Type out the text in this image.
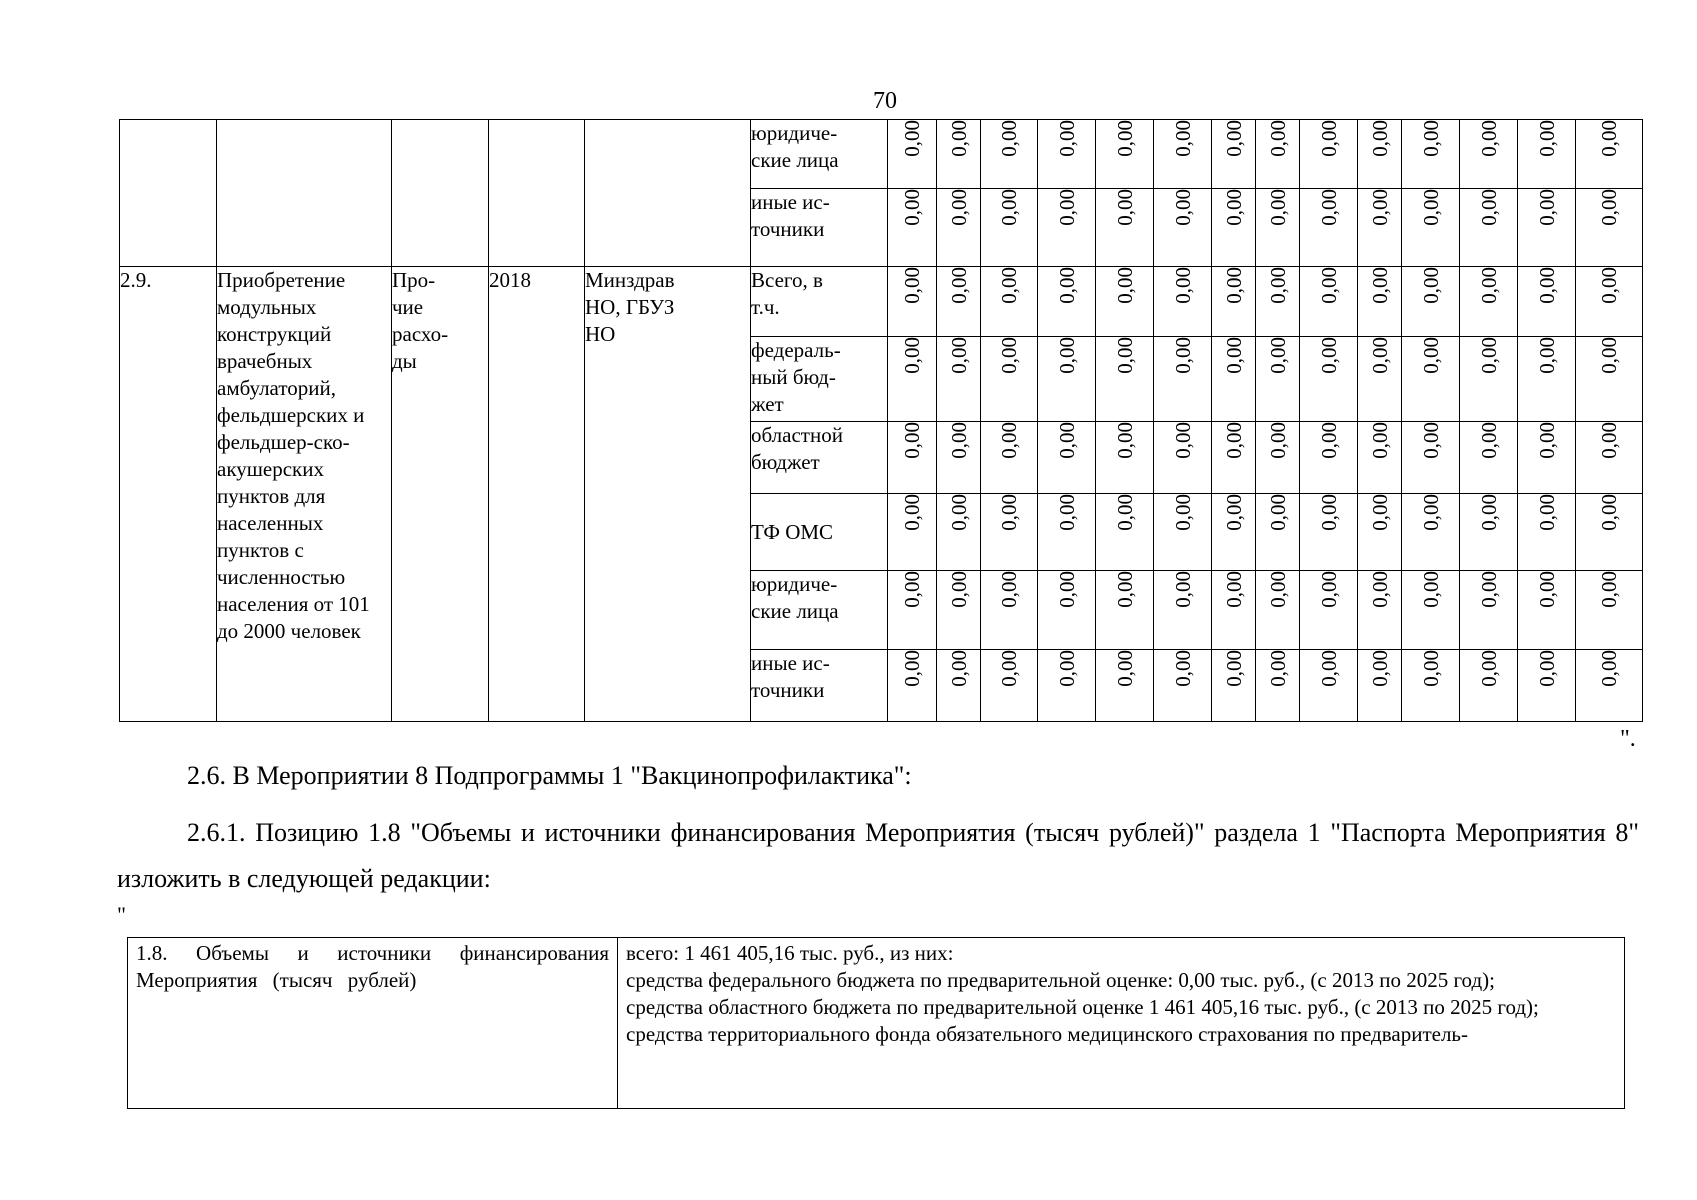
70
					юридиче-
ские лица	0,00	0,00	0,00	0,00	0,00	0,00	0,00	0,00	0,00	0,00	0,00	0,00	0,00	0,00
					иные ис-
точники	0,00	0,00	0,00	0,00	0,00	0,00	0,00	0,00	0,00	0,00	0,00	0,00	0,00	0,00
2.9.	Приобретение модульных конструкций врачебных амбулаторий, фельдшерских и фельдшер-ско-акушерских пунктов для населенных пунктов с численностью населения от 101 до 2000 человек	Про-
чие
расхо-
ды	2018	Минздрав
НО, ГБУЗ
НО	Всего, в
т.ч.	0,00	0,00	0,00	0,00	0,00	0,00	0,00	0,00	0,00	0,00	0,00	0,00	0,00	0,00
					федераль-
ный бюд-
жет	0,00	0,00	0,00	0,00	0,00	0,00	0,00	0,00	0,00	0,00	0,00	0,00	0,00	0,00
					областной
бюджет	0,00	0,00	0,00	0,00	0,00	0,00	0,00	0,00	0,00	0,00	0,00	0,00	0,00	0,00
					ТФ ОМС	0,00	0,00	0,00	0,00	0,00	0,00	0,00	0,00	0,00	0,00	0,00	0,00	0,00	0,00
					юридиче-
ские лица	0,00	0,00	0,00	0,00	0,00	0,00	0,00	0,00	0,00	0,00	0,00	0,00	0,00	0,00
					иные ис-
точники	0,00	0,00	0,00	0,00	0,00	0,00	0,00	0,00	0,00	0,00	0,00	0,00	0,00	0,00
".
2.6. В Мероприятии 8 Подпрограммы 1 "Вакцинопрофилактика":
2.6.1. Позицию 1.8 "Объемы и источники финансирования Мероприятия (тысяч рублей)" раздела 1 "Паспорта Мероприятия 8" изложить в следующей редакции:
"
1.8. Объемы и источники финансирования Мероприятия (тысяч рублей)	
всего: 1 461 405,16 тыс. руб., из них:
средства федерального бюджета по предварительной оценке: 0,00 тыс. руб., (с 2013 по 2025 год);
средства областного бюджета по предварительной оценке 1 461 405,16 тыс. руб., (с 2013 по 2025 год);
средства территориального фонда обязательного медицинского страхования по предваритель-
